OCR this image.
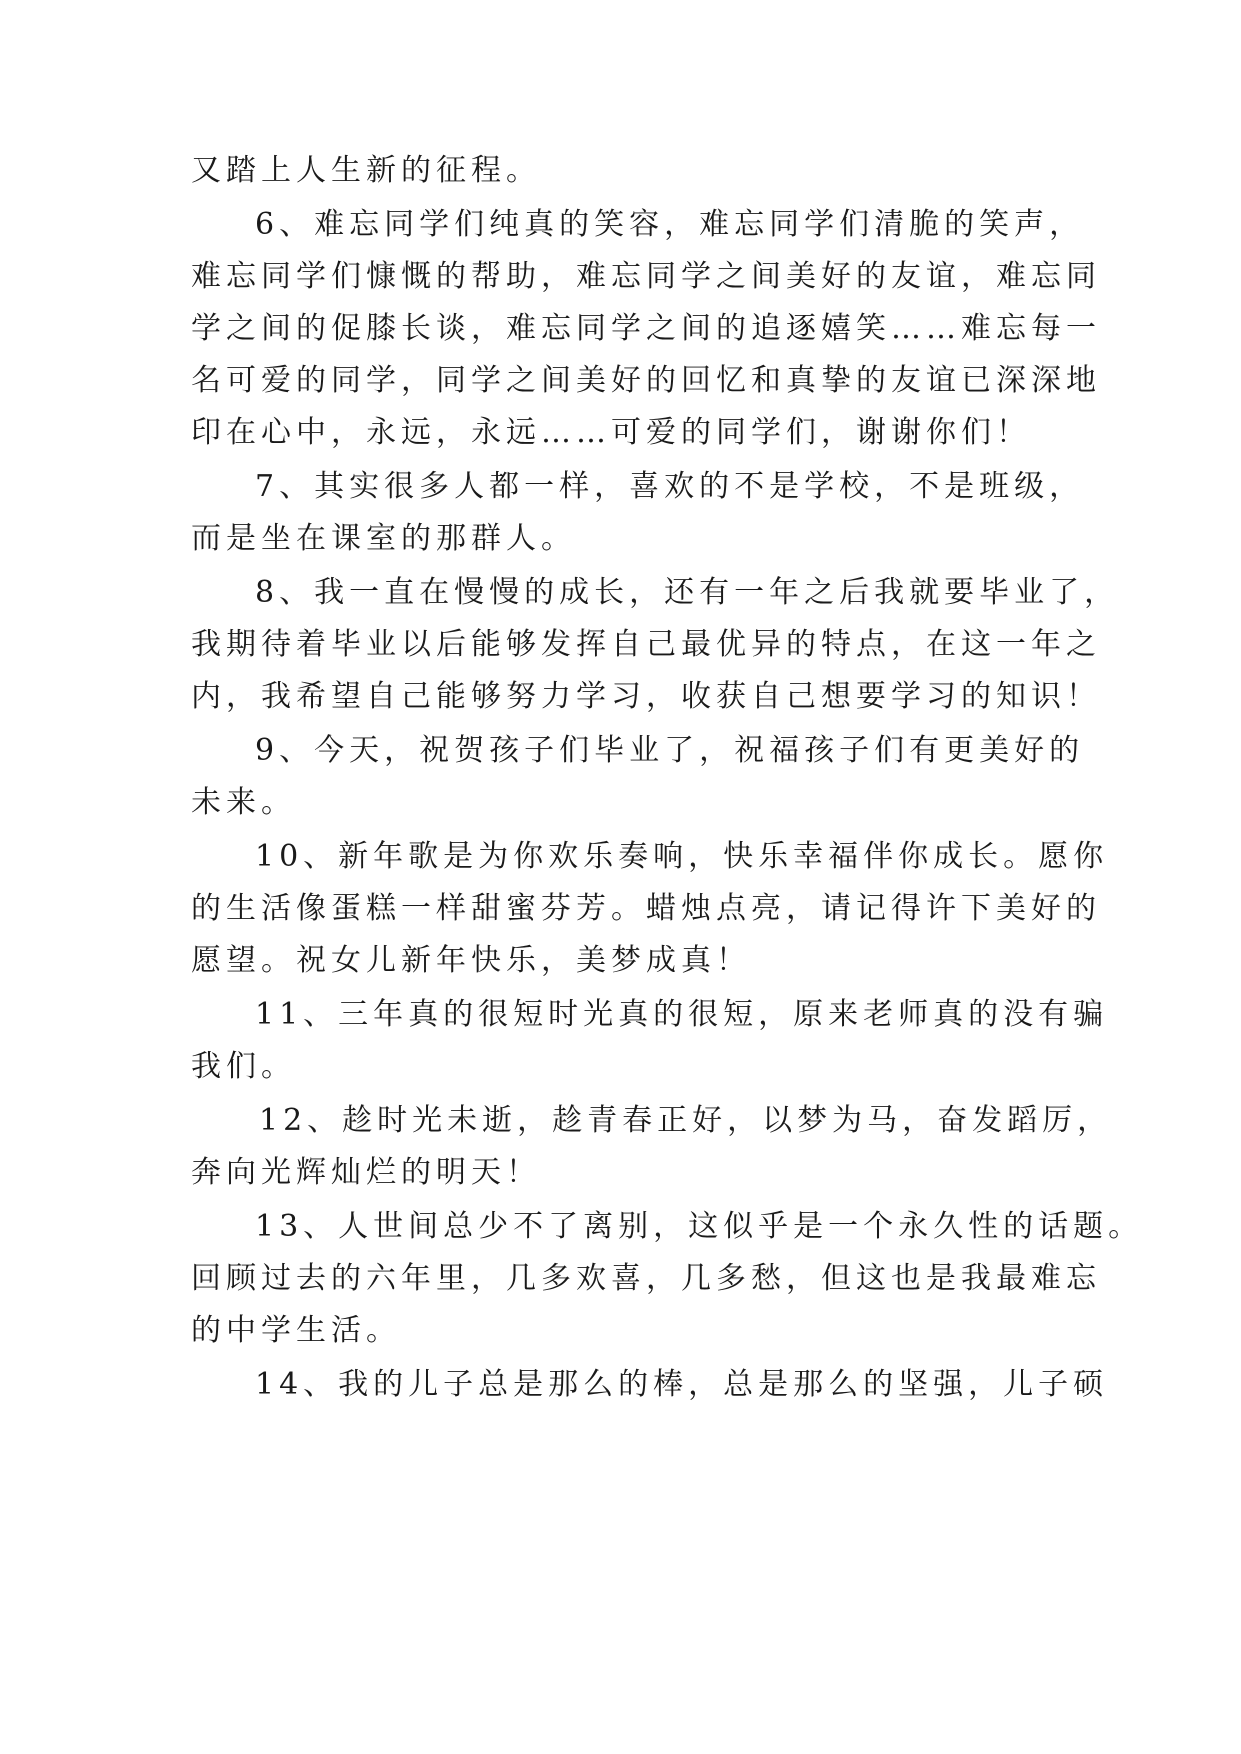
又踏上人生新的征程。
6、难忘同学们纯真的笑容，难忘同学们清脆的笑声，
难忘同学们慷慨的帮助，难忘同学之间美好的友谊，难忘同
学之间的促膝长谈，难忘同学之间的追逐嬉笑……难忘每一
名可爱的同学，同学之间美好的回忆和真挚的友谊已深深地
印在心中，永远，永远……可爱的同学们，谢谢你们！
7、其实很多人都一样，喜欢的不是学校，不是班级，
而是坐在课室的那群人。
8、我一直在慢慢的成长，还有一年之后我就要毕业了，
我期待着毕业以后能够发挥自己最优异的特点，在这一年之
内，我希望自己能够努力学习，收获自己想要学习的知识！
9、今天，祝贺孩子们毕业了，祝福孩子们有更美好的
未来。
10、新年歌是为你欢乐奏响，快乐幸福伴你成长。愿你
的生活像蛋糕一样甜蜜芬芳。蜡烛点亮，请记得许下美好的
愿望。祝女儿新年快乐，美梦成真！
11、三年真的很短时光真的很短，原来老师真的没有骗
我们。
12、趁时光未逝，趁青春正好，以梦为马，奋发蹈厉，
奔向光辉灿烂的明天！
13、人世间总少不了离别，这似乎是一个永久性的话题。
回顾过去的六年里，几多欢喜，几多愁，但这也是我最难忘
的中学生活。
14、我的儿子总是那么的棒，总是那么的坚强，儿子硕
